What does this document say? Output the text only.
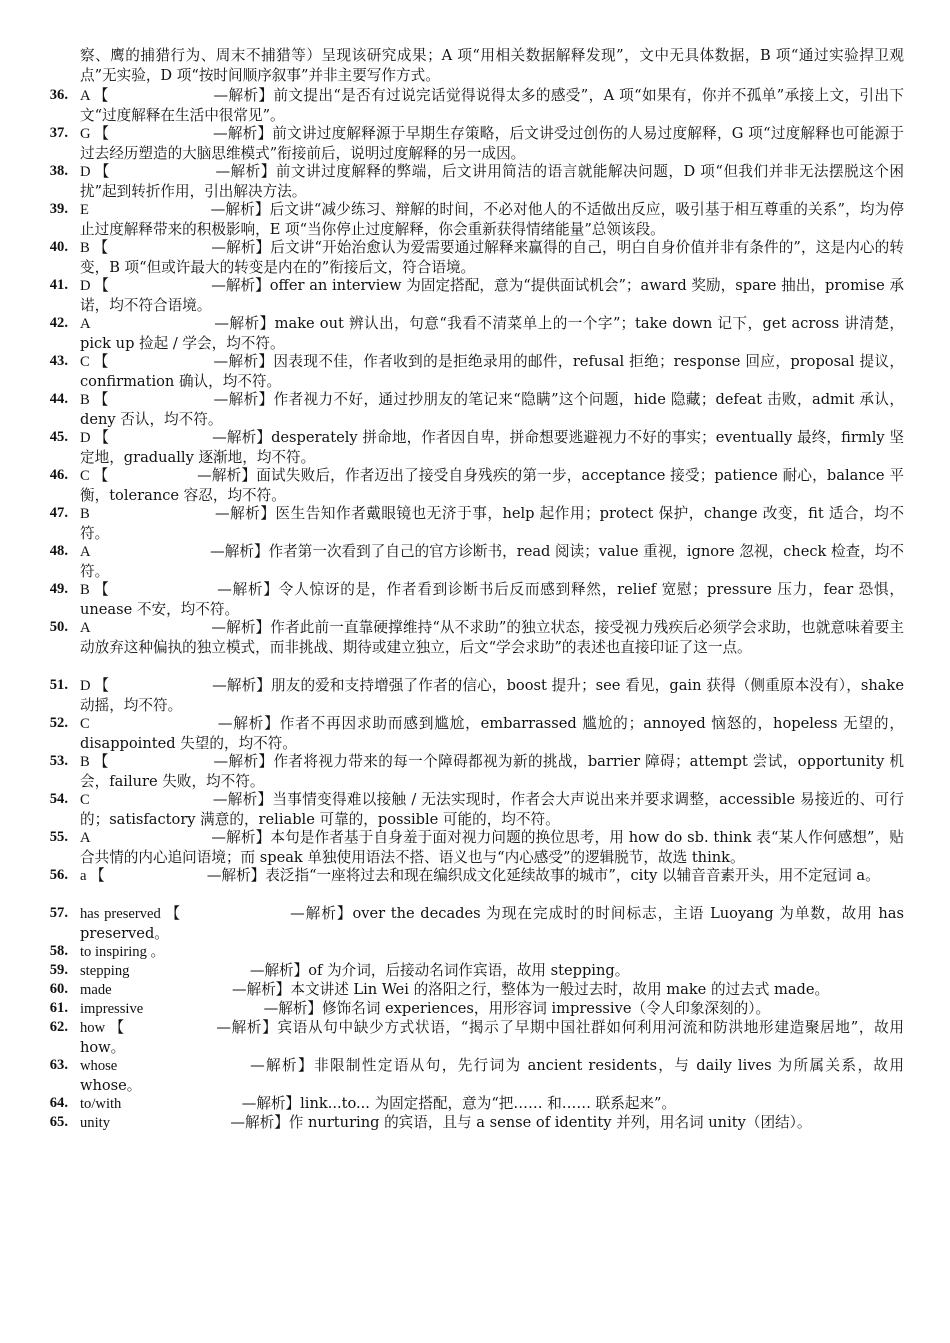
察、鹰的捕猎行为、周末不捕猎等）呈现该研究成果；A 项“用相关数据解释发现”，文中无具体数据，B 项“通过实验捍卫观点”无实验，D 项“按时间顺序叙事”并非主要写作方式。
36. A 【　　　　　　　—解析】前文提出“是否有过说完话觉得说得太多的感受”，A 项“如果有，你并不孤单”承接上文，引出下文“过度解释在生活中很常见”。
37. G 【　　　　　　　—解析】前文讲过度解释源于早期生存策略，后文讲受过创伤的人易过度解释，G 项“过度解释也可能源于过去经历塑造的大脑思维模式”衔接前后，说明过度解释的另一成因。
38. D 【　　　　　　　—解析】前文讲过度解释的弊端，后文讲用简洁的语言就能解决问题，D 项“但我们并非无法摆脱这个困扰”起到转折作用，引出解决方法。
39. E 　　　　　　　　—解析】后文讲“减少练习、辩解的时间，不必对他人的不适做出反应，吸引基于相互尊重的关系”，均为停止过度解释带来的积极影响，E 项“当你停止过度解释，你会重新获得情绪能量”总领该段。
40. B 【　　　　　　　—解析】后文讲“开始治愈认为爱需要通过解释来赢得的自己，明白自身价值并非有条件的”，这是内心的转变，B 项“但或许最大的转变是内在的”衔接后文，符合语境。
41. D 【　　　　　　　—解析】offer an interview 为固定搭配，意为“提供面试机会”；award 奖励，spare 抽出，promise 承诺，均不符合语境。
42. A 　　　　　　　　—解析】make out 辨认出，句意“我看不清菜单上的一个字”；take down 记下，get across 讲清楚，pick up 捡起 / 学会，均不符。
43. C 【　　　　　　　—解析】因表现不佳，作者收到的是拒绝录用的邮件，refusal 拒绝；response 回应，proposal 提议，confirmation 确认，均不符。
44. B 【　　　　　　　—解析】作者视力不好，通过抄朋友的笔记来“隐瞒”这个问题，hide 隐藏；defeat 击败，admit 承认，deny 否认，均不符。
45. D 【　　　　　　　—解析】desperately 拼命地，作者因自卑，拼命想要逃避视力不好的事实；eventually 最终，firmly 坚定地，gradually 逐渐地，均不符。
46. C 【　　　　　　—解析】面试失败后，作者迈出了接受自身残疾的第一步，acceptance 接受；patience 耐心，balance 平衡，tolerance 容忍，均不符。
47. B 　　　　　　　　—解析】医生告知作者戴眼镜也无济于事，help 起作用；protect 保护，change 改变，fit 适合，均不符。
48. A 　　　　　　　　—解析】作者第一次看到了自己的官方诊断书，read 阅读；value 重视，ignore 忽视，check 检查，均不符。
49. B 【　　　　　　　—解析】令人惊讶的是，作者看到诊断书后反而感到释然，relief 宽慰；pressure 压力，fear 恐惧，unease 不安，均不符。
50. A 　　　　　　　　—解析】作者此前一直靠硬撑维持“从不求助”的独立状态，接受视力残疾后必须学会求助，也就意味着要主动放弃这种偏执的独立模式，而非挑战、期待或建立独立，后文“学会求助”的表述也直接印证了这一点。
51. D 【　　　　　　　—解析】朋友的爱和支持增强了作者的信心，boost 提升；see 看见，gain 获得（侧重原本没有），shake 动摇，均不符。
52. C 　　　　　　　　—解析】作者不再因求助而感到尴尬，embarrassed 尴尬的；annoyed 恼怒的，hopeless 无望的，disappointed 失望的，均不符。
53. B 【　　　　　　　—解析】作者将视力带来的每一个障碍都视为新的挑战，barrier 障碍；attempt 尝试，opportunity 机会，failure 失败，均不符。
54. C 　　　　　　　　—解析】当事情变得难以接触 / 无法实现时，作者会大声说出来并要求调整，accessible 易接近的、可行的；satisfactory 满意的，reliable 可靠的，possible 可能的，均不符。
55. A 　　　　　　　　—解析】本句是作者基于自身羞于面对视力问题的换位思考，用 how do sb. think 表“某人作何感想”，贴合共情的内心追问语境；而 speak 单独使用语法不搭、语义也与“内心感受”的逻辑脱节，故选 think。
56. a 【　　　　　　　—解析】表泛指“一座将过去和现在编织成文化延续故事的城市”，city 以辅音音素开头，用不定冠词 a。
57. has preserved 【　　　　　　　—解析】over the decades 为现在完成时的时间标志，主语 Luoyang 为单数，故用 has preserved。
58. to inspiring 。
59. stepping 　　　　　　　　—解析】of 为介词，后接动名词作宾语，故用 stepping。
60. made 　　　　　　　　—解析】本文讲述 Lin Wei 的洛阳之行，整体为一般过去时，故用 make 的过去式 made。
61. impressive 　　　　　　　　—解析】修饰名词 experiences，用形容词 impressive（令人印象深刻的）。
62. how 【　　　　　　—解析】宾语从句中缺少方式状语，“揭示了早期中国社群如何利用河流和防洪地形建造聚居地”，故用 how。
63. whose 　　　　　　　　—解析】非限制性定语从句，先行词为 ancient residents，与 daily lives 为所属关系，故用 whose。
64. to/with 　　　　　　　　—解析】link...to... 为固定搭配，意为“把…… 和…… 联系起来”。
65. unity 　　　　　　　　—解析】作 nurturing 的宾语，且与 a sense of identity 并列，用名词 unity（团结）。
